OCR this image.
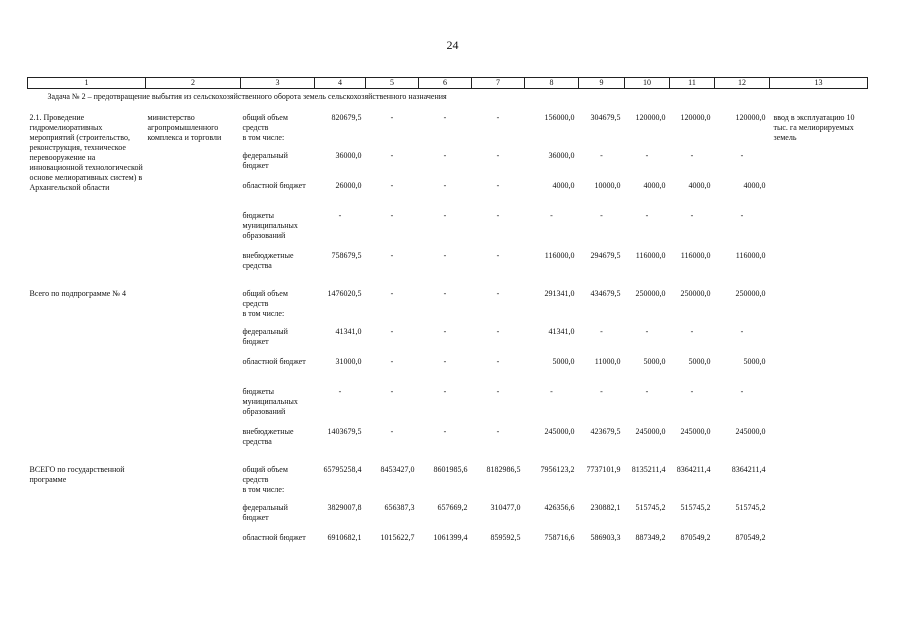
24
1	2	3	4	5	6	7	8	9	10	11	12	13
Задача № 2 – предотвращение выбытия из сельскохозяйственного оборота земель сельскохозяйственного назначения												
2.1. Проведение гидромелиоративных мероприятий (строительство, реконструкция, техническое перевооружение на инновационной технологической основе мелиоративных систем) в Архангельской области	министерство агропромышленного комплекса и торговли	общий объем средств	820679,5	-	-	-	156000,0	304679,5	120000,0	120000,0	120000,0	ввод в эксплуатацию 10 тыс. га мелиорируемых земель
		в том числе:										
		федеральный бюджет	36000,0	-	-	-	36000,0	-	-	-	-	
		областной бюджет	26000,0	-	-	-	4000,0	10000,0	4000,0	4000,0	4000,0	
		бюджеты муниципальных образований	-	-	-	-	-	-	-	-	-	
		внебюджетные средства	758679,5	-	-	-	116000,0	294679,5	116000,0	116000,0	116000,0	
Всего по подпрограмме № 4		общий объем средств	1476020,5	-	-	-	291341,0	434679,5	250000,0	250000,0	250000,0	
		в том числе:										
		федеральный бюджет	41341,0	-	-	-	41341,0	-	-	-	-	
		областной бюджет	31000,0	-	-	-	5000,0	11000,0	5000,0	5000,0	5000,0	
		бюджеты муниципальных образований	-	-	-	-	-	-	-	-	-	
		внебюджетные средства	1403679,5	-	-	-	245000,0	423679,5	245000,0	245000,0	245000,0	
ВСЕГО по государственной программе		общий объем средств	65795258,4	8453427,0	8601985,6	8182986,5	7956123,2	7737101,9	8135211,4	8364211,4	8364211,4	
		в том числе:										
		федеральный бюджет	3829007,8	656387,3	657669,2	310477,0	426356,6	230882,1	515745,2	515745,2	515745,2	
		областной бюджет	6910682,1	1015622,7	1061399,4	859592,5	758716,6	586903,3	887349,2	870549,2	870549,2	
